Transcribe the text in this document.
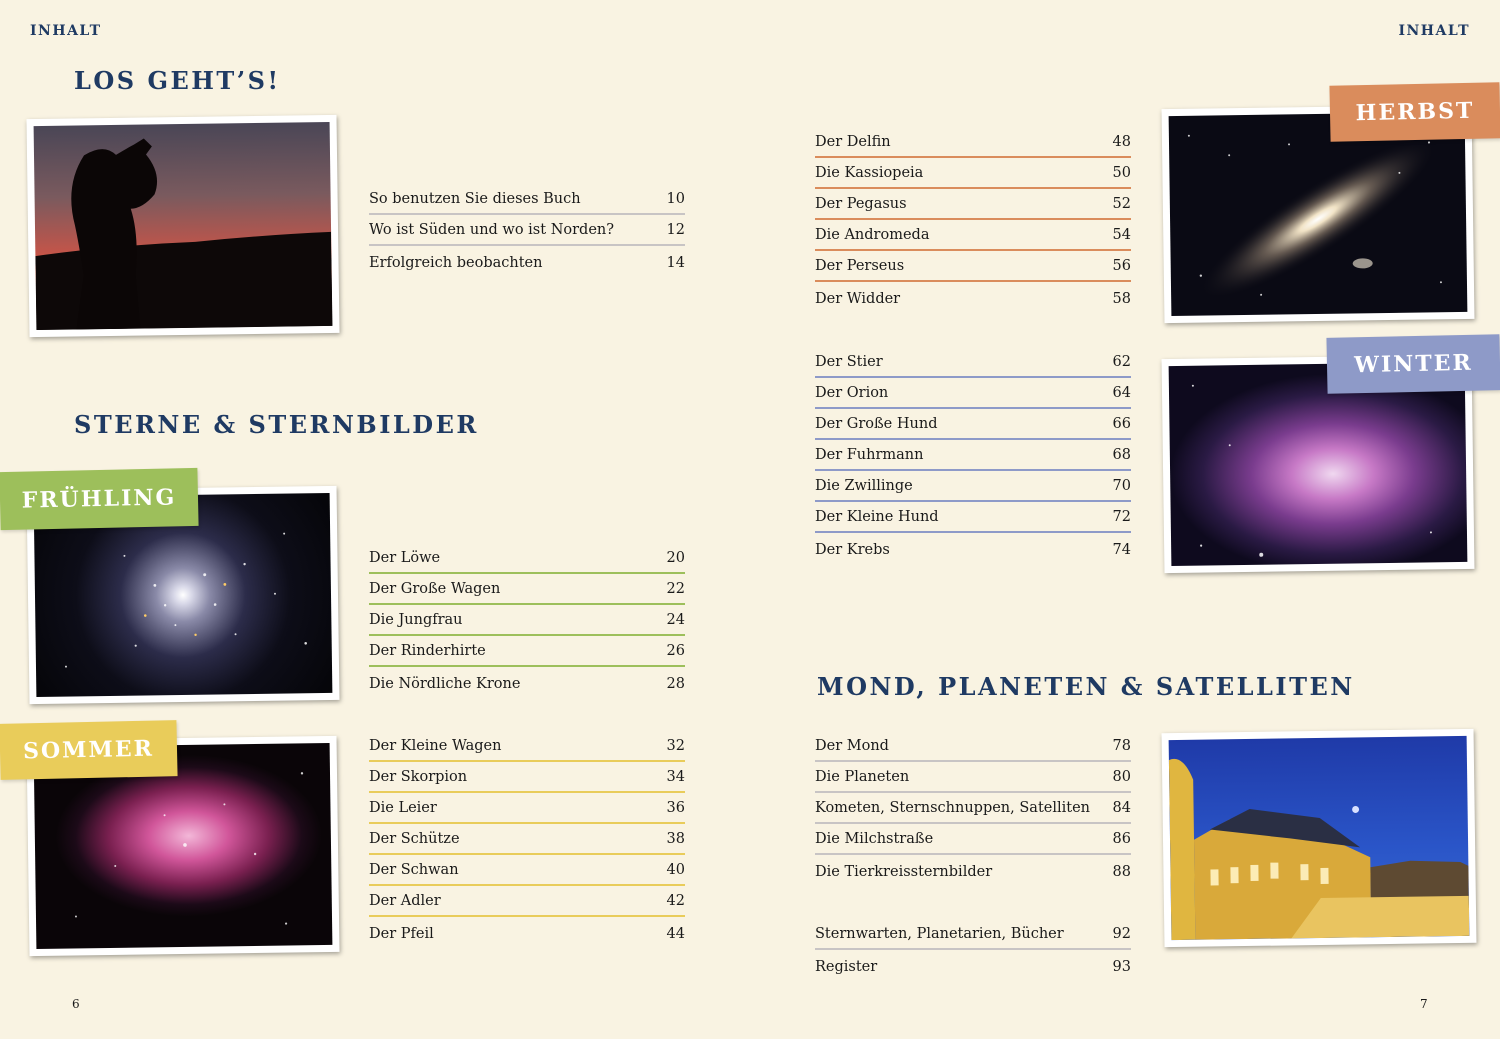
INHALT	INHALT
LOS GEHT’S!
STERNE & STERNBILDER
MOND, PLANETEN & SATELLITEN
FRÜHLING
SOMMER
HERBST
WINTER
So benutzen Sie dieses Buch	10
Wo ist Süden und wo ist Norden?	12
Erfolgreich beobachten	14
Der Löwe	20
Der Große Wagen	22
Die Jungfrau	24
Der Rinderhirte	26
Die Nördliche Krone	28
Der Kleine Wagen	32
Der Skorpion	34
Die Leier	36
Der Schütze	38
Der Schwan	40
Der Adler	42
Der Pfeil	44
Der Delfin	48
Die Kassiopeia	50
Der Pegasus	52
Die Andromeda	54
Der Perseus	56
Der Widder	58
Der Stier	62
Der Orion	64
Der Große Hund	66
Der Fuhrmann	68
Die Zwillinge	70
Der Kleine Hund	72
Der Krebs	74
Der Mond	78
Die Planeten	80
Kometen, Sternschnuppen, Satelliten 84
Die Milchstraße	86
Die Tierkreissternbilder	88
Sternwarten, Planetarien, Bücher	92
Register	93
6	7
